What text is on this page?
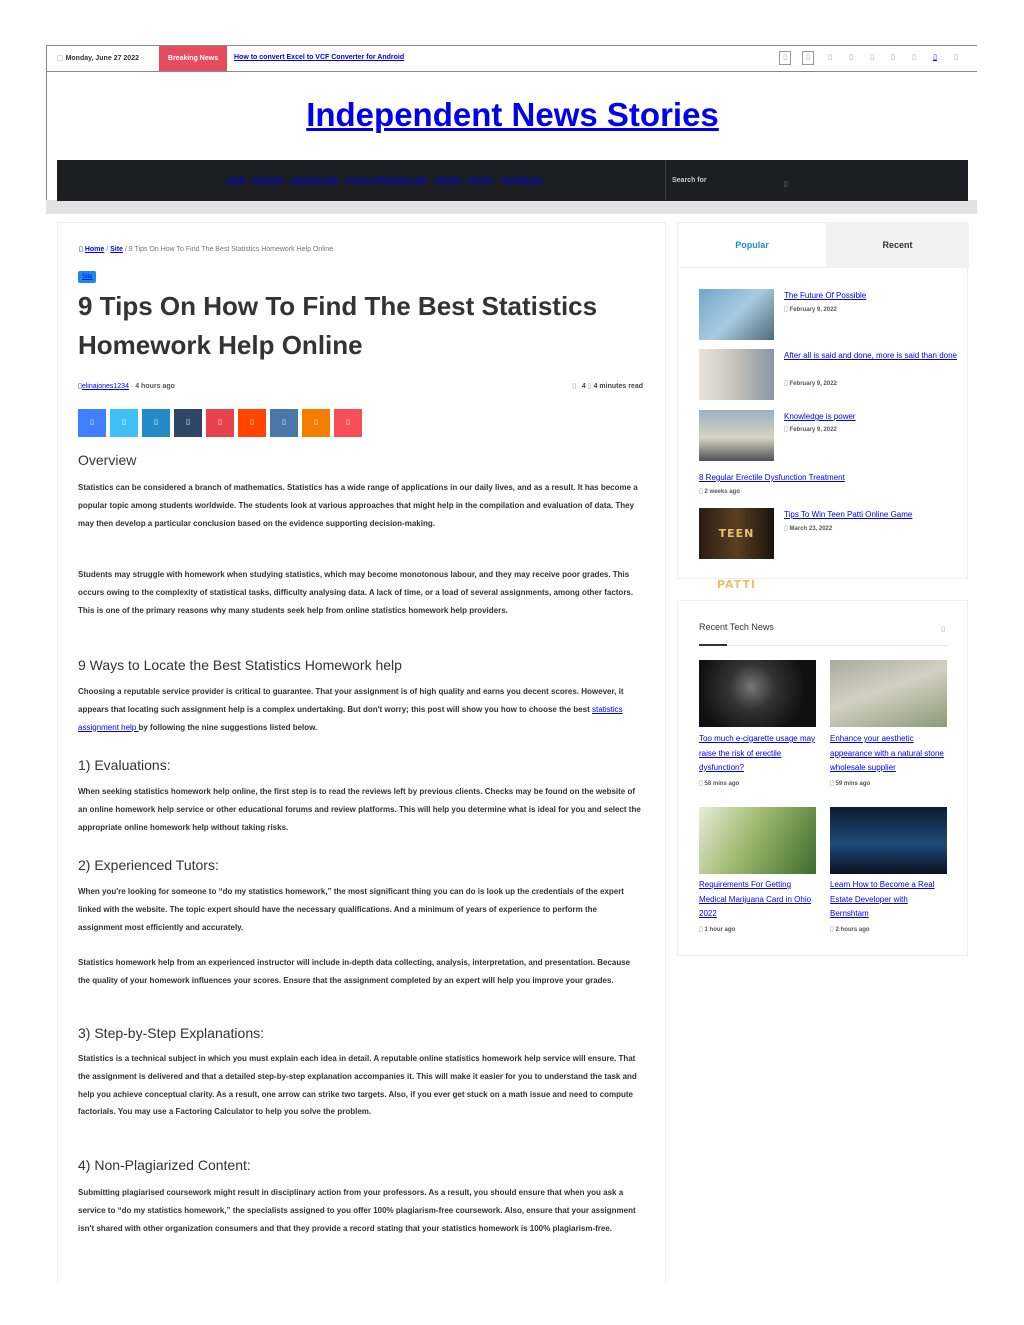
▢ Monday, June 27 2022	Breaking News	How to convert Excel to VCF Converter for Android	▯	▯	▯	▯	▯	▯	▯	▯	▯
Independent News Stories
HOME BUSINESS ARCHITECTURE DIGITAL MARKETING & SEO FASHION SPORTS TECHNOLOGY	Search for
▯
▯ Home / Site / 9 Tips On How To Find The Best Statistics Homework Help Online
Site
9 Tips On How To Find The Best Statistics Homework Help Online
▯elinajones1234 · 4 hours ago	▯ 4 ▯ 4 minutes read
▯	▯	▯	▯	▯	▯	▯	▯	▯
Overview

Statistics can be considered a branch of mathematics. Statistics has a wide range of applications in our daily lives, and as a result. It has become a popular topic among students worldwide. The students look at various approaches that might help in the compilation and evaluation of data. They may then develop a particular conclusion based on the evidence supporting decision-making.

Students may struggle with homework when studying statistics, which may become monotonous labour, and they may receive poor grades. This occurs owing to the complexity of statistical tasks, difficulty analysing data. A lack of time, or a load of several assignments, among other factors. This is one of the primary reasons why many students seek help from online statistics homework help providers.

9 Ways to Locate the Best Statistics Homework help

Choosing a reputable service provider is critical to guarantee. That your assignment is of high quality and earns you decent scores. However, it appears that locating such assignment help is a complex undertaking. But don't worry; this post will show you how to choose the best statistics assignment help by following the nine suggestions listed below.

1) Evaluations:

When seeking statistics homework help online, the first step is to read the reviews left by previous clients. Checks may be found on the website of an online homework help service or other educational forums and review platforms. This will help you determine what is ideal for you and select the appropriate online homework help without taking risks.

2) Experienced Tutors:

When you're looking for someone to “do my statistics homework,” the most significant thing you can do is look up the credentials of the expert linked with the website. The topic expert should have the necessary qualifications. And a minimum of years of experience to perform the assignment most efficiently and accurately.

Statistics homework help from an experienced instructor will include in-depth data collecting, analysis, interpretation, and presentation. Because the quality of your homework influences your scores. Ensure that the assignment completed by an expert will help you improve your grades.

3) Step-by-Step Explanations:

Statistics is a technical subject in which you must explain each idea in detail. A reputable online statistics homework help service will ensure. That the assignment is delivered and that a detailed step-by-step explanation accompanies it. This will make it easier for you to understand the task and help you achieve conceptual clarity. As a result, one arrow can strike two targets. Also, if you ever get stuck on a math issue and need to compute factorials. You may use a Factoring Calculator to help you solve the problem.

4) Non-Plagiarized Content:

Submitting plagiarised coursework might result in disciplinary action from your professors. As a result, you should ensure that when you ask a service to “do my statistics homework,” the specialists assigned to you offer 100% plagiarism-free coursework. Also, ensure that your assignment isn't shared with other organization consumers and that they provide a record stating that your statistics homework is 100% plagiarism-free.

Popular	Recent
The Future Of Possible
▯ February 9, 2022
After all is said and done, more is said than done
▯ February 9, 2022
Knowledge is power
▯ February 9, 2022
8 Regular Erectile Dysfunction Treatment
▯ 2 weeks ago
TEEN PATTI
Tips To Win Teen Patti Online Game
▯ March 23, 2022
Recent Tech News	▯
Too much e-cigarette usage may raise the risk of erectile dysfunction?
▯ 58 mins ago
Enhance your aesthetic appearance with a natural stone wholesale supplier
▯ 59 mins ago
Requirements For Getting Medical Marijuana Card in Ohio 2022
▯ 1 hour ago
Learn How to Become a Real Estate Developer with Bernshtam
▯ 2 hours ago
